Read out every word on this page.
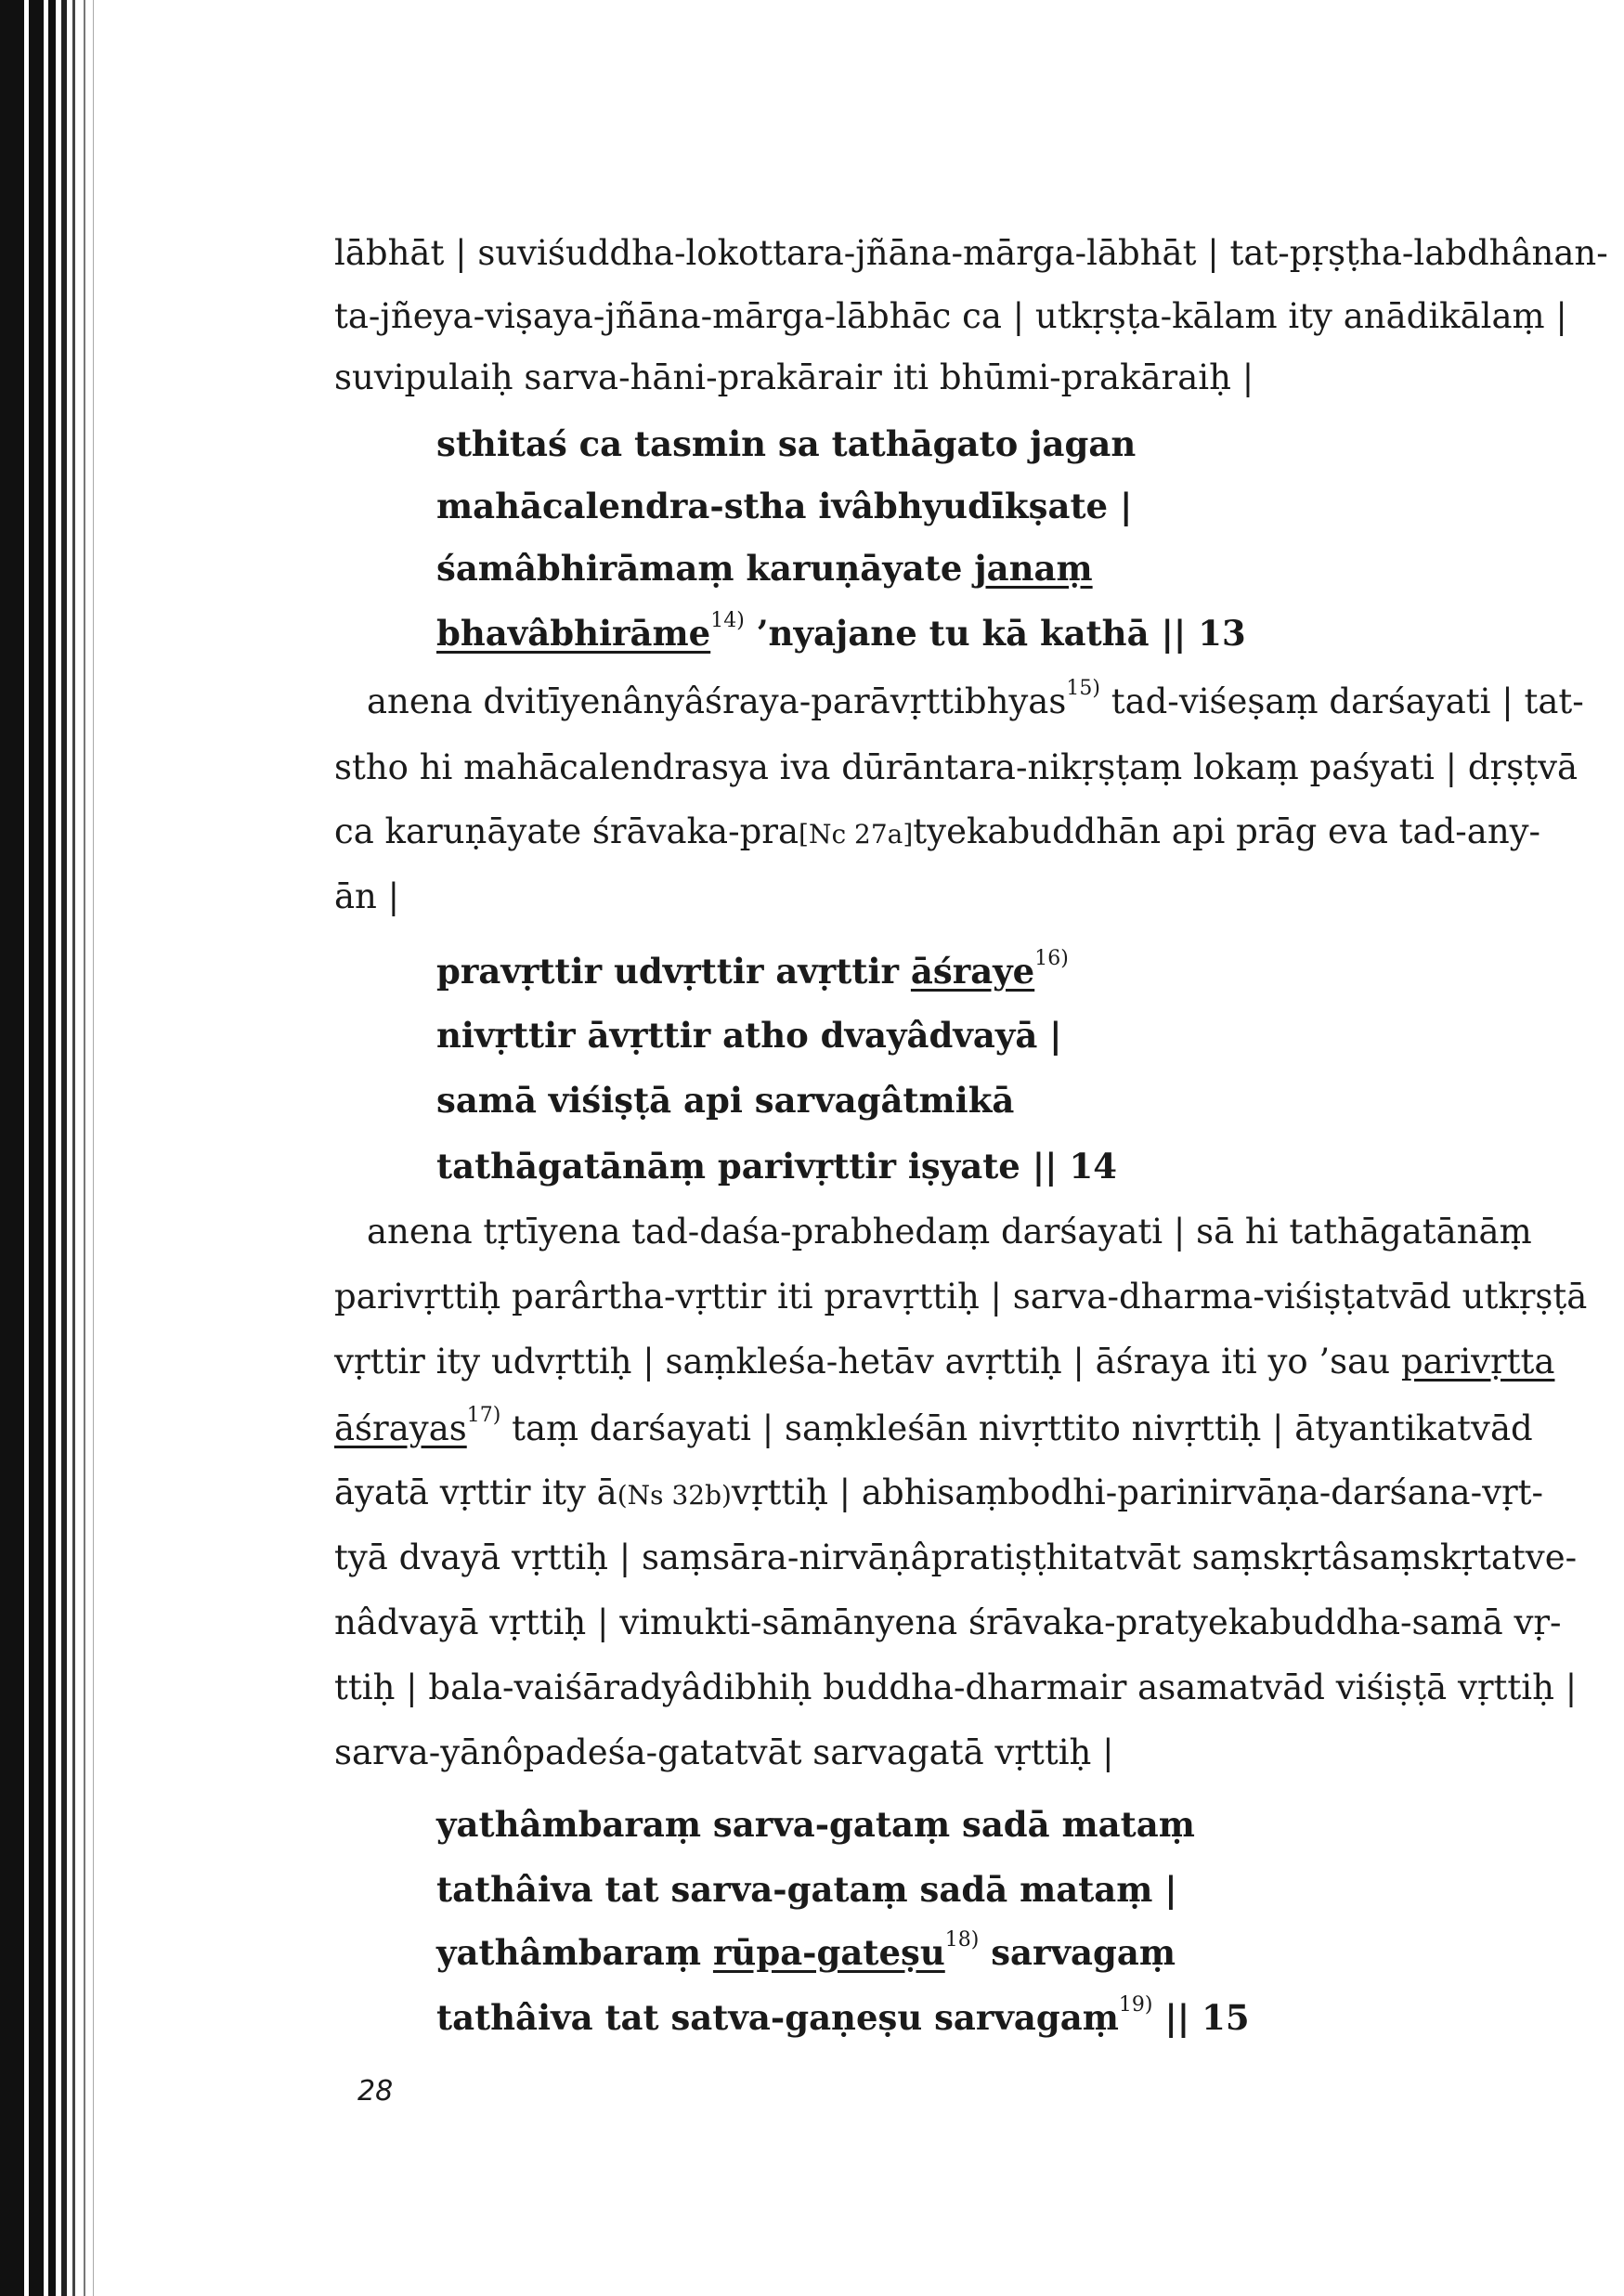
lābhāt | suviśuddha-lokottara-jñāna-mārga-lābhāt | tat-pṛṣṭha-labdhânan-
ta-jñeya-viṣaya-jñāna-mārga-lābhāc ca | utkṛṣṭa-kālam ity anādikālaṃ |
suvipulaiḥ sarva-hāni-prakārair iti bhūmi-prakāraiḥ |
sthitaś ca tasmin sa tathāgato jagan
mahācalendra-stha ivâbhyudīkṣate |
śamâbhirāmaṃ karuṇāyate janaṃ
bhavâbhirāme$^{14)}$ ’nyajane tu kā kathā || 13
anena dvitīyenânyâśraya-parāvṛttibhyas$^{15)}$ tad-viśeṣaṃ darśayati | tat-
stho hi mahācalendrasya iva dūrāntara-nikṛṣṭaṃ lokaṃ paśyati | dṛṣṭvā
ca karuṇāyate śrāvaka-pra[Nc 27a]tyekabuddhān api prāg eva tad-any-
ān |
pravṛttir udvṛttir avṛttir āśraye$^{16)}$
nivṛttir āvṛttir atho dvayâdvayā |
samā viśiṣṭā api sarvagâtmikā
tathāgatānāṃ parivṛttir iṣyate || 14
anena tṛtīyena tad-daśa-prabhedaṃ darśayati | sā hi tathāgatānāṃ
parivṛttiḥ parârtha-vṛttir iti pravṛttiḥ | sarva-dharma-viśiṣṭatvād utkṛṣṭā
vṛttir ity udvṛttiḥ | saṃkleśa-hetāv avṛttiḥ | āśraya iti yo ’sau parivṛtta
āśrayas$^{17)}$ taṃ darśayati | saṃkleśān nivṛttito nivṛttiḥ | ātyantikatvād
āyatā vṛttir ity ā(Ns 32b)vṛttiḥ | abhisaṃbodhi-parinirvāṇa-darśana-vṛt-
tyā dvayā vṛttiḥ | saṃsāra-nirvāṇâpratiṣṭhitatvāt saṃskṛtâsaṃskṛtatve-
nâdvayā vṛttiḥ | vimukti-sāmānyena śrāvaka-pratyekabuddha-samā vṛ-
ttiḥ | bala-vaiśāradyâdibhiḥ buddha-dharmair asamatvād viśiṣṭā vṛttiḥ |
sarva-yānôpadeśa-gatatvāt sarvagatā vṛttiḥ |
yathâmbaraṃ sarva-gataṃ sadā mataṃ
tathâiva tat sarva-gataṃ sadā mataṃ |
yathâmbaraṃ rūpa-gateṣu$^{18)}$ sarvagaṃ
tathâiva tat satva-gaṇeṣu sarvagaṃ$^{19)}$ || 15
28
